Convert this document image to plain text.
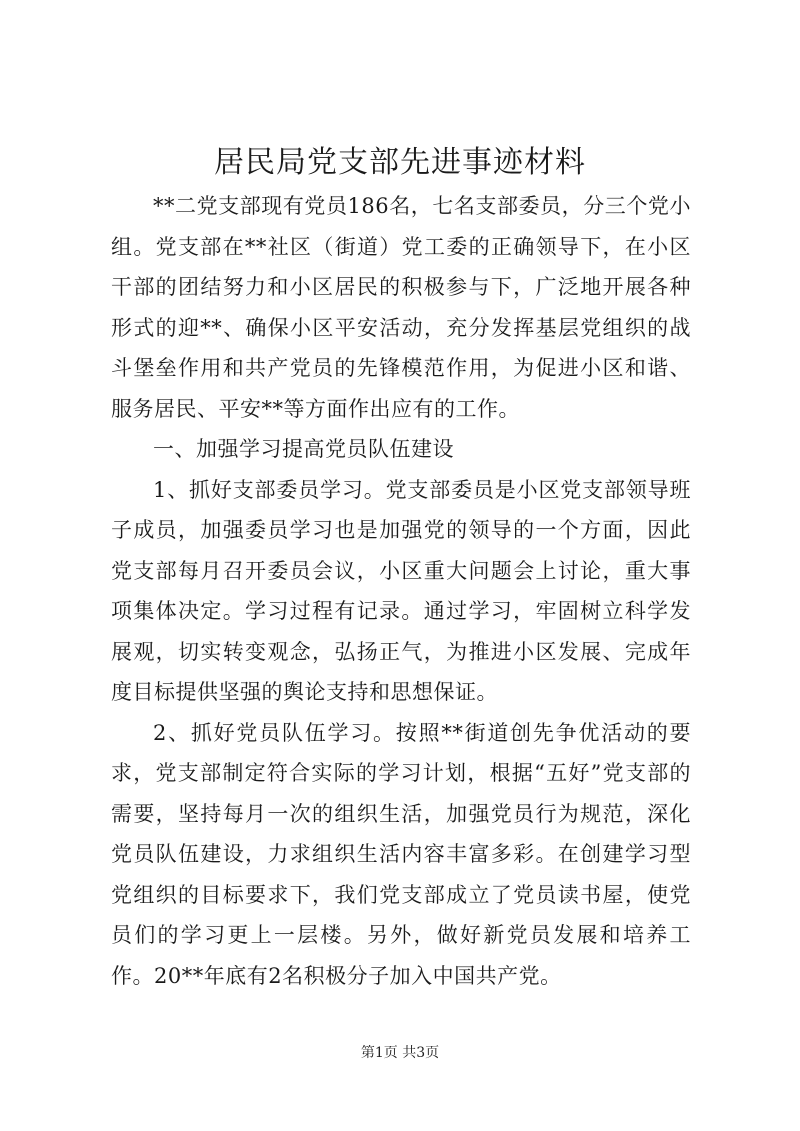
居民局党支部先进事迹材料

**二党支部现有党员186名，七名支部委员，分三个党小组。党支部在**社区（街道）党工委的正确领导下，在小区干部的团结努力和小区居民的积极参与下，广泛地开展各种形式的迎**、确保小区平安活动，充分发挥基层党组织的战斗堡垒作用和共产党员的先锋模范作用，为促进小区和谐、服务居民、平安**等方面作出应有的工作。

一、加强学习提高党员队伍建设

1、抓好支部委员学习。党支部委员是小区党支部领导班子成员，加强委员学习也是加强党的领导的一个方面，因此党支部每月召开委员会议，小区重大问题会上讨论，重大事项集体决定。学习过程有记录。通过学习，牢固树立科学发展观，切实转变观念，弘扬正气，为推进小区发展、完成年度目标提供坚强的舆论支持和思想保证。

2、抓好党员队伍学习。按照**街道创先争优活动的要求，党支部制定符合实际的学习计划，根据“五好”党支部的需要，坚持每月一次的组织生活，加强党员行为规范，深化党员队伍建设，力求组织生活内容丰富多彩。在创建学习型党组织的目标要求下，我们党支部成立了党员读书屋，使党员们的学习更上一层楼。另外，做好新党员发展和培养工作。20**年底有2名积极分子加入中国共产党。

第1页 共3页
